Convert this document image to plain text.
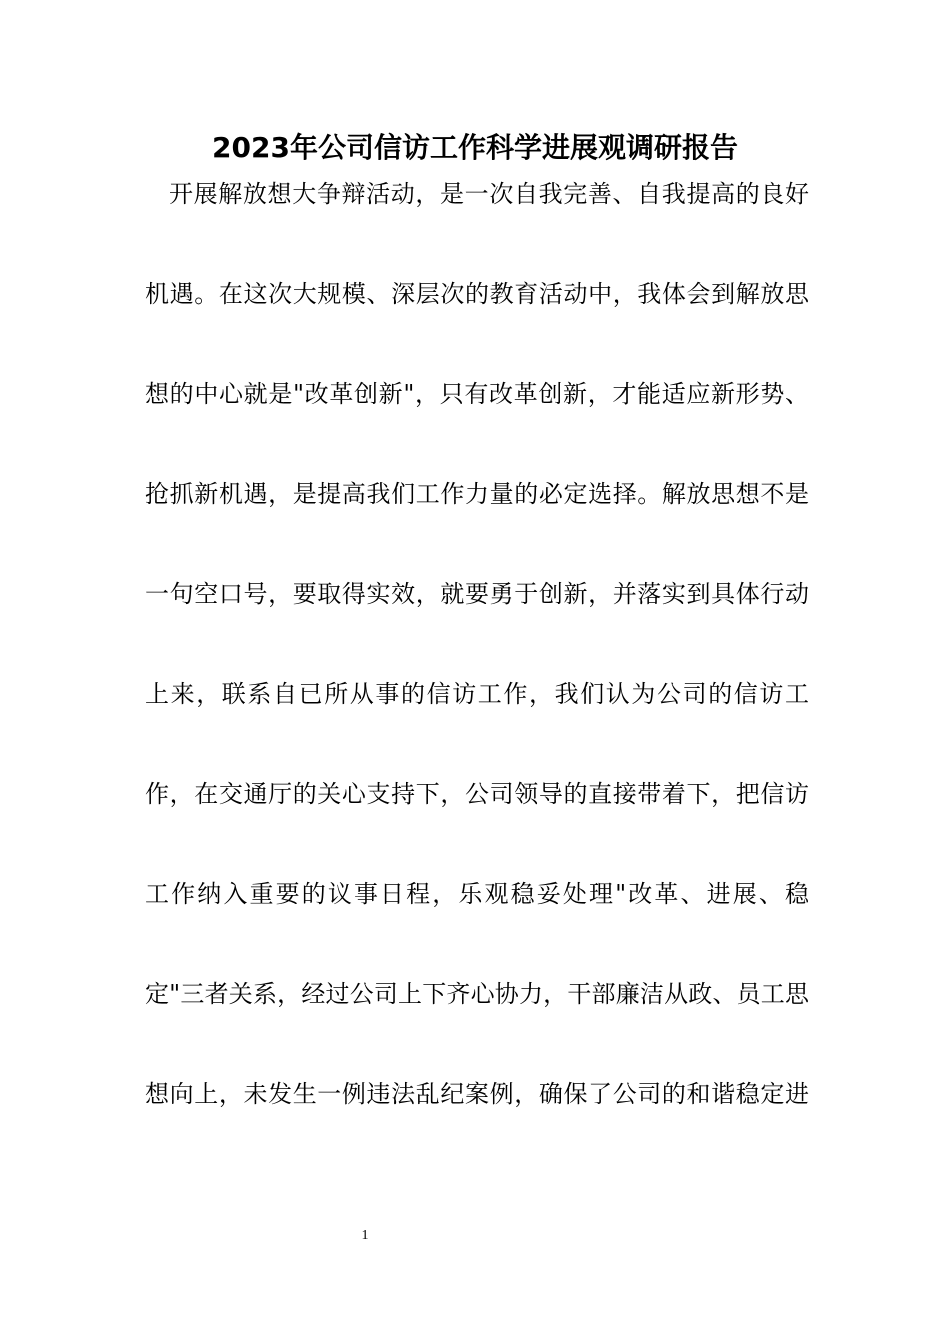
2023年公司信访工作科学进展观调研报告
开展解放想大争辩活动，是一次自我完善、自我提高的良好
机遇。在这次大规模、深层次的教育活动中，我体会到解放思
想的中心就是"改革创新"，只有改革创新，才能适应新形势、
抢抓新机遇，是提高我们工作力量的必定选择。解放思想不是
一句空口号，要取得实效，就要勇于创新，并落实到具体行动
上来，联系自已所从事的信访工作，我们认为公司的信访工
作，在交通厅的关心支持下，公司领导的直接带着下，把信访
工作纳入重要的议事日程，乐观稳妥处理"改革、进展、稳
定"三者关系，经过公司上下齐心协力，干部廉洁从政、员工思
想向上，未发生一例违法乱纪案例，确保了公司的和谐稳定进
1
